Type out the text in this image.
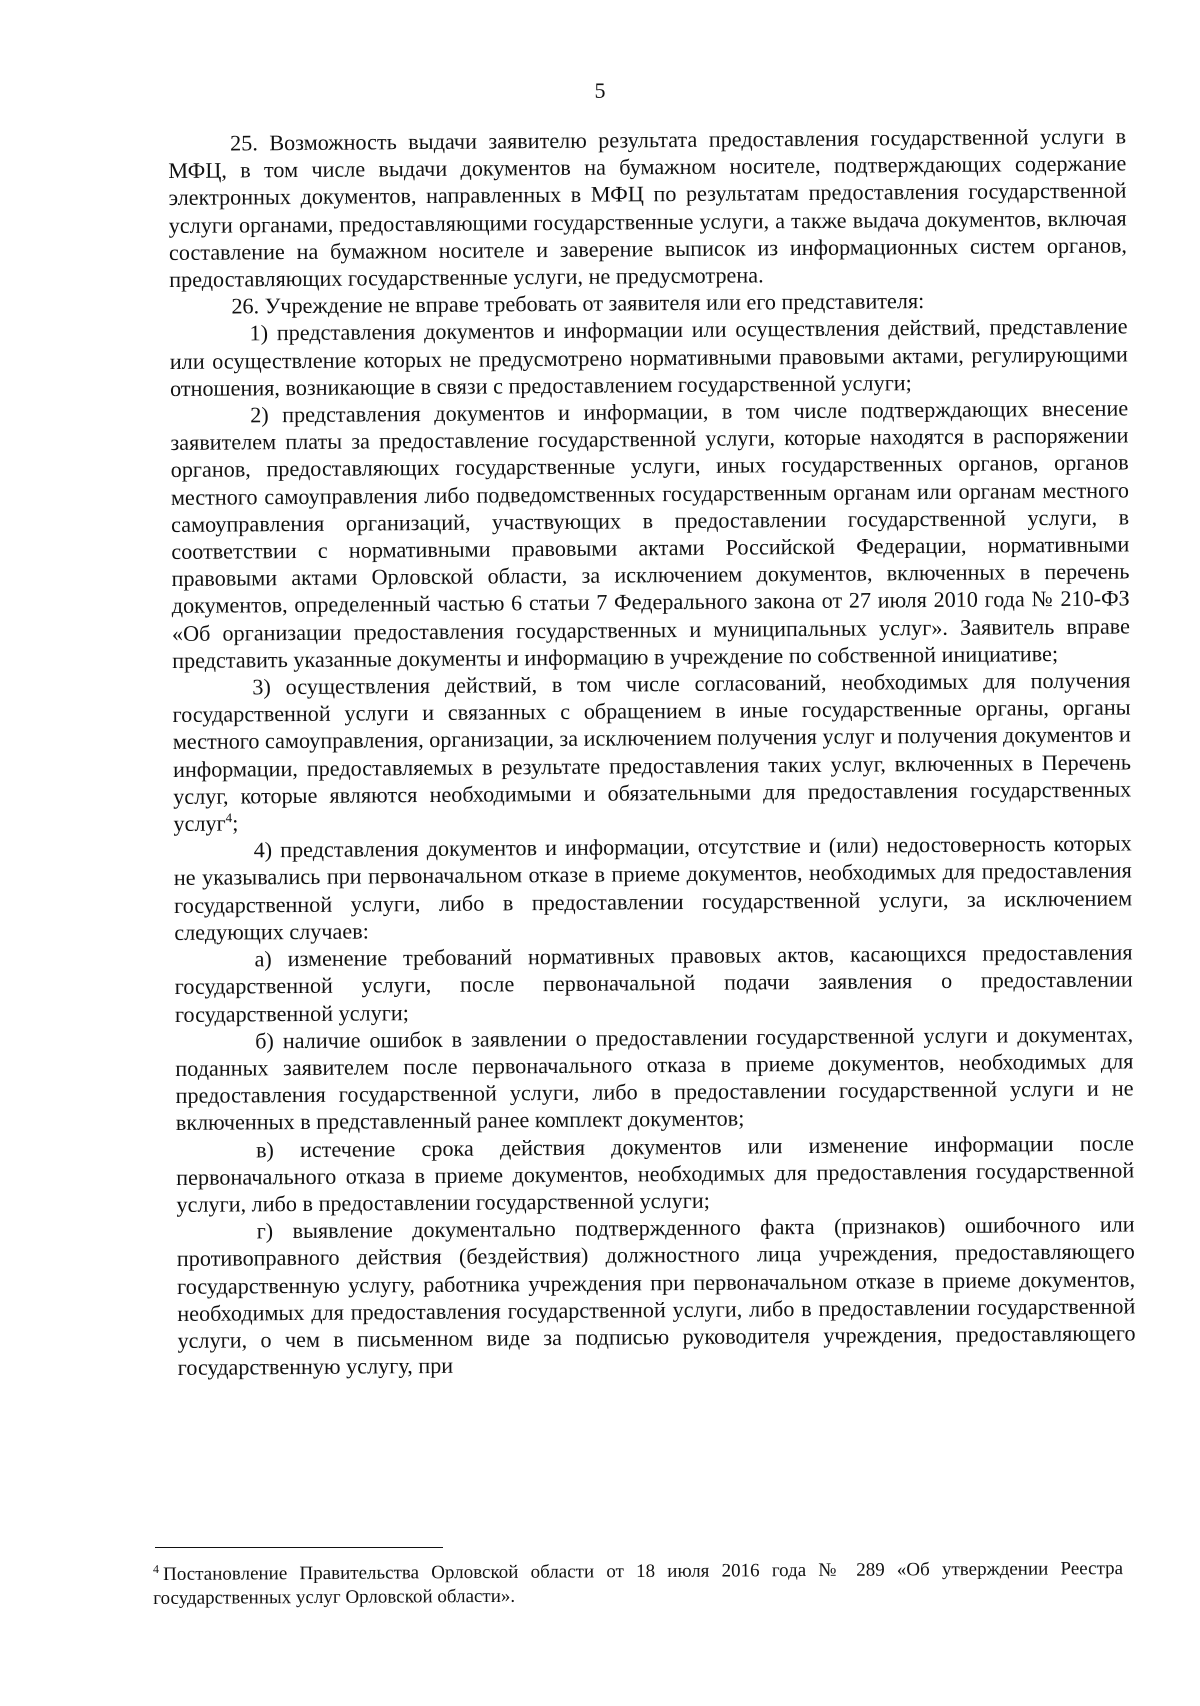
5

25. Возможность выдачи заявителю результата предоставления государственной услуги в МФЦ, в том числе выдачи документов на бумажном носителе, подтверждающих содержание электронных документов, направленных в МФЦ по результатам предоставления государственной услуги органами, предоставляющими государственные услуги, а также выдача документов, включая составление на бумажном носителе и заверение выписок из информационных систем органов, предоставляющих государственные услуги, не предусмотрена.

26. Учреждение не вправе требовать от заявителя или его представителя:

1) представления документов и информации или осуществления действий, представление или осуществление которых не предусмотрено нормативными правовыми актами, регулирующими отношения, возникающие в связи с предоставлением государственной услуги;

2) представления документов и информации, в том числе подтверждающих внесение заявителем платы за предоставление государственной услуги, которые находятся в распоряжении органов, предоставляющих государственные услуги, иных государственных органов, органов местного самоуправления либо подведомственных государственным органам или органам местного самоуправления организаций, участвующих в предоставлении государственной услуги, в соответствии с нормативными правовыми актами Российской Федерации, нормативными правовыми актами Орловской области, за исключением документов, включенных в перечень документов, определенный частью 6 статьи 7 Федерального закона от 27 июля 2010 года № 210-ФЗ «Об организации предоставления государственных и муниципальных услуг». Заявитель вправе представить указанные документы и информацию в учреждение по собственной инициативе;

3) осуществления действий, в том числе согласований, необходимых для получения государственной услуги и связанных с обращением в иные государственные органы, органы местного самоуправления, организации, за исключением получения услуг и получения документов и информации, предоставляемых в результате предоставления таких услуг, включенных в Перечень услуг, которые являются необходимыми и обязательными для предоставления государственных услуг$^4$;

4) представления документов и информации, отсутствие и (или) недостоверность которых не указывались при первоначальном отказе в приеме документов, необходимых для предоставления государственной услуги, либо в предоставлении государственной услуги, за исключением следующих случаев:

а) изменение требований нормативных правовых актов, касающихся предоставления государственной услуги, после первоначальной подачи заявления о предоставлении государственной услуги;

б) наличие ошибок в заявлении о предоставлении государственной услуги и документах, поданных заявителем после первоначального отказа в приеме документов, необходимых для предоставления государственной услуги, либо в предоставлении государственной услуги и не включенных в представленный ранее комплект документов;

в) истечение срока действия документов или изменение информации после первоначального отказа в приеме документов, необходимых для предоставления государственной услуги, либо в предоставлении государственной услуги;

г) выявление документально подтвержденного факта (признаков) ошибочного или противоправного действия (бездействия) должностного лица учреждения, предоставляющего государственную услугу, работника учреждения при первоначальном отказе в приеме документов, необходимых для предоставления государственной услуги, либо в предоставлении государственной услуги, о чем в письменном виде за подписью руководителя учреждения, предоставляющего государственную услугу, при

$^4$ Постановление Правительства Орловской области от 18 июля 2016 года № 289 «Об утверждении Реестра государственных услуг Орловской области».
